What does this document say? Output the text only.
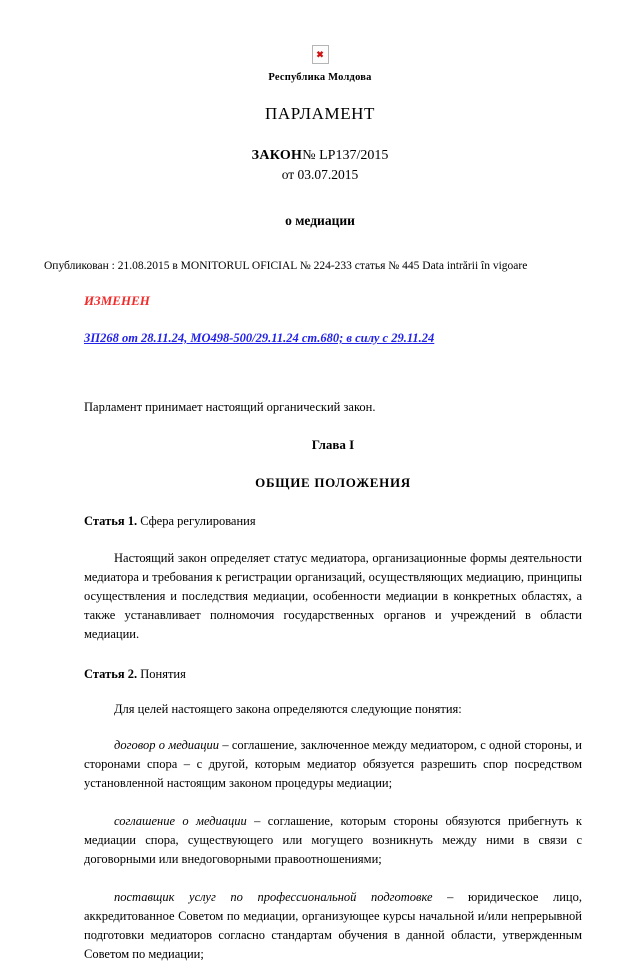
✖
Республика Молдова
ПАРЛАМЕНТ
ЗАКОН№ LP137/2015
от 03.07.2015
о медиации
Опубликован : 21.08.2015 в MONITORUL OFICIAL № 224-233 статья № 445 Data intrării în vigoare
ИЗМЕНЕН
ЗП268 от 28.11.24, МО498-500/29.11.24 ст.680; в силу с 29.11.24
Парламент принимает настоящий органический закон.
Глава I
ОБЩИЕ ПОЛОЖЕНИЯ
Статья 1. Сфера регулирования

Настоящий закон определяет статус медиатора, организационные формы деятельности медиатора и требования к регистрации организаций, осуществляющих медиацию, принципы осуществления и последствия медиации, особенности медиации в конкретных областях, а также устанавливает полномочия государственных органов и учреждений в области медиации.

Статья 2. Понятия
Для целей настоящего закона определяются следующие понятия:

договор о медиации – соглашение, заключенное между медиатором, с одной стороны, и сторонами спора – с другой, которым медиатор обязуется разрешить спор посредством установленной настоящим законом процедуры медиации;

соглашение о медиации – соглашение, которым стороны обязуются прибегнуть к медиации спора, существующего или могущего возникнуть между ними в связи с договорными или внедоговорными правоотношениями;

поставщик услуг по профессиональной подготовке – юридическое лицо, аккредитованное Советом по медиации, организующее курсы начальной и/или непрерывной подготовки медиаторов согласно стандартам обучения в данной области, утвержденным Советом по медиации;
